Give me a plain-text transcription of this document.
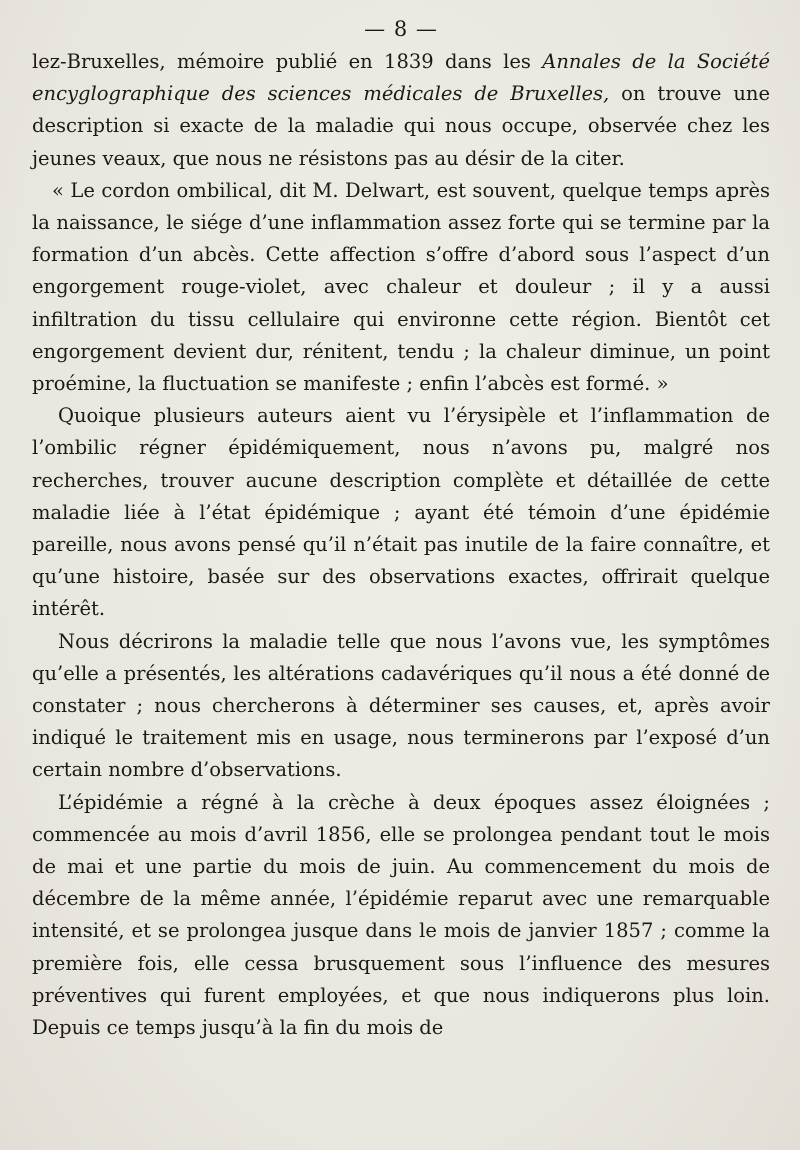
— 8 —

lez-Bruxelles, mémoire publié en 1839 dans les Annales de la Société encyglographique des sciences médicales de Bruxelles, on trouve une description si exacte de la maladie qui nous occupe, observée chez les jeunes veaux, que nous ne résistons pas au désir de la citer.

« Le cordon ombilical, dit M. Delwart, est souvent, quelque temps après la naissance, le siége d’une inflammation assez forte qui se termine par la formation d’un abcès. Cette affection s’offre d’abord sous l’aspect d’un engorgement rouge-violet, avec chaleur et douleur ; il y a aussi infiltration du tissu cellulaire qui environne cette région. Bientôt cet engorgement devient dur, rénitent, tendu ; la chaleur diminue, un point proémine, la fluctuation se manifeste ; enfin l’abcès est formé. »

Quoique plusieurs auteurs aient vu l’érysipèle et l’inflammation de l’ombilic régner épidémiquement, nous n’avons pu, malgré nos recherches, trouver aucune description complète et détaillée de cette maladie liée à l’état épidémique ; ayant été témoin d’une épidémie pareille, nous avons pensé qu’il n’était pas inutile de la faire connaître, et qu’une histoire, basée sur des observations exactes, offrirait quelque intérêt.

Nous décrirons la maladie telle que nous l’avons vue, les symptômes qu’elle a présentés, les altérations cadavériques qu’il nous a été donné de constater ; nous chercherons à déterminer ses causes, et, après avoir indiqué le traitement mis en usage, nous terminerons par l’exposé d’un certain nombre d’observations.

L’épidémie a régné à la crèche à deux époques assez éloignées ; commencée au mois d’avril 1856, elle se prolongea pendant tout le mois de mai et une partie du mois de juin. Au commencement du mois de décembre de la même année, l’épidémie reparut avec une remarquable intensité, et se prolongea jusque dans le mois de janvier 1857 ; comme la première fois, elle cessa brusquement sous l’influence des mesures préventives qui furent employées, et que nous indiquerons plus loin. Depuis ce temps jusqu’à la fin du mois de
